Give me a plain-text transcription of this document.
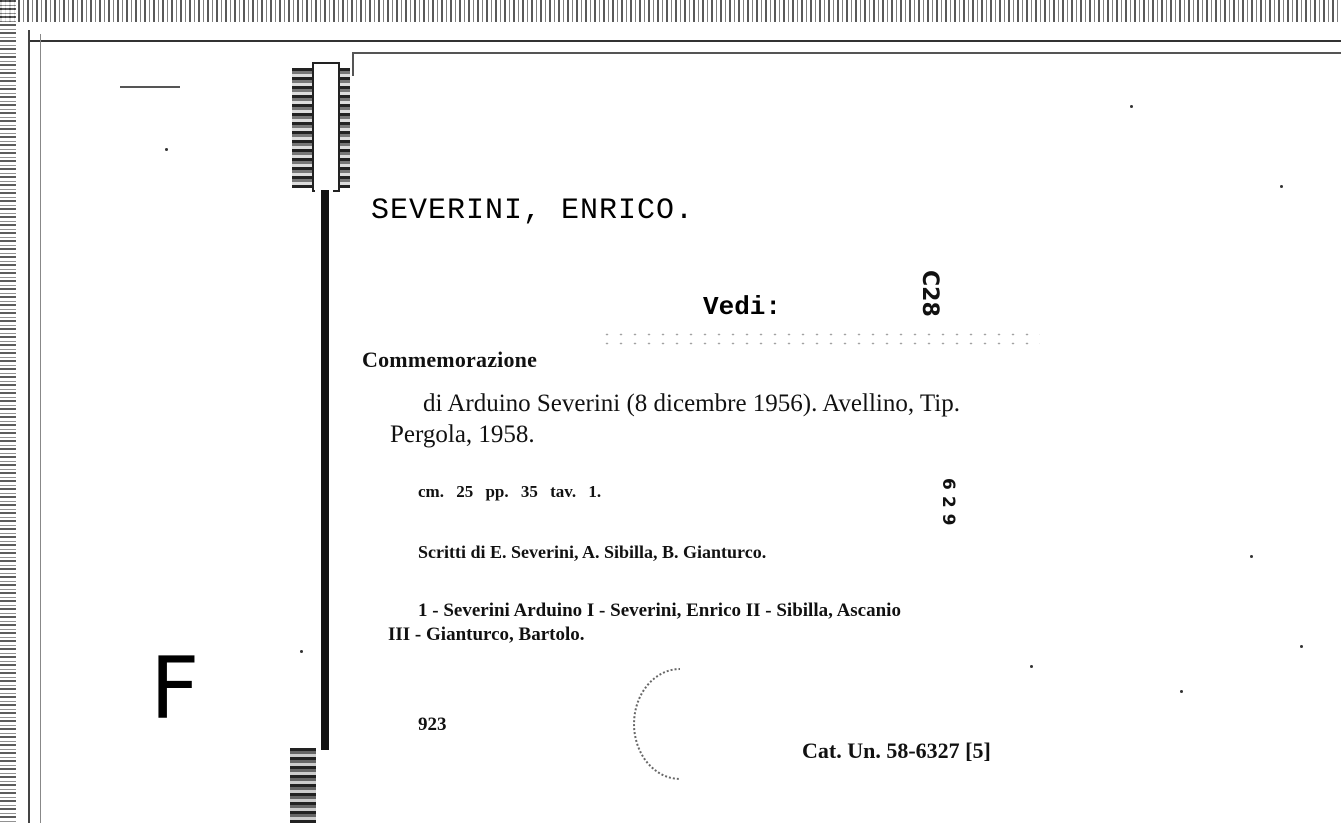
F
SEVERINI, ENRICO.
Vedi:	C28
Commemorazione
di Arduino Severini (8 dicembre 1956). Avellino, Tip.
Pergola, 1958.
cm. 25 pp. 35 tav. 1.	629
Scritti di E. Severini, A. Sibilla, B. Gianturco.
1 - Severini Arduino I - Severini, Enrico II - Sibilla, Ascanio
III - Gianturco, Bartolo.
923
Cat. Un. 58-6327 [5]
